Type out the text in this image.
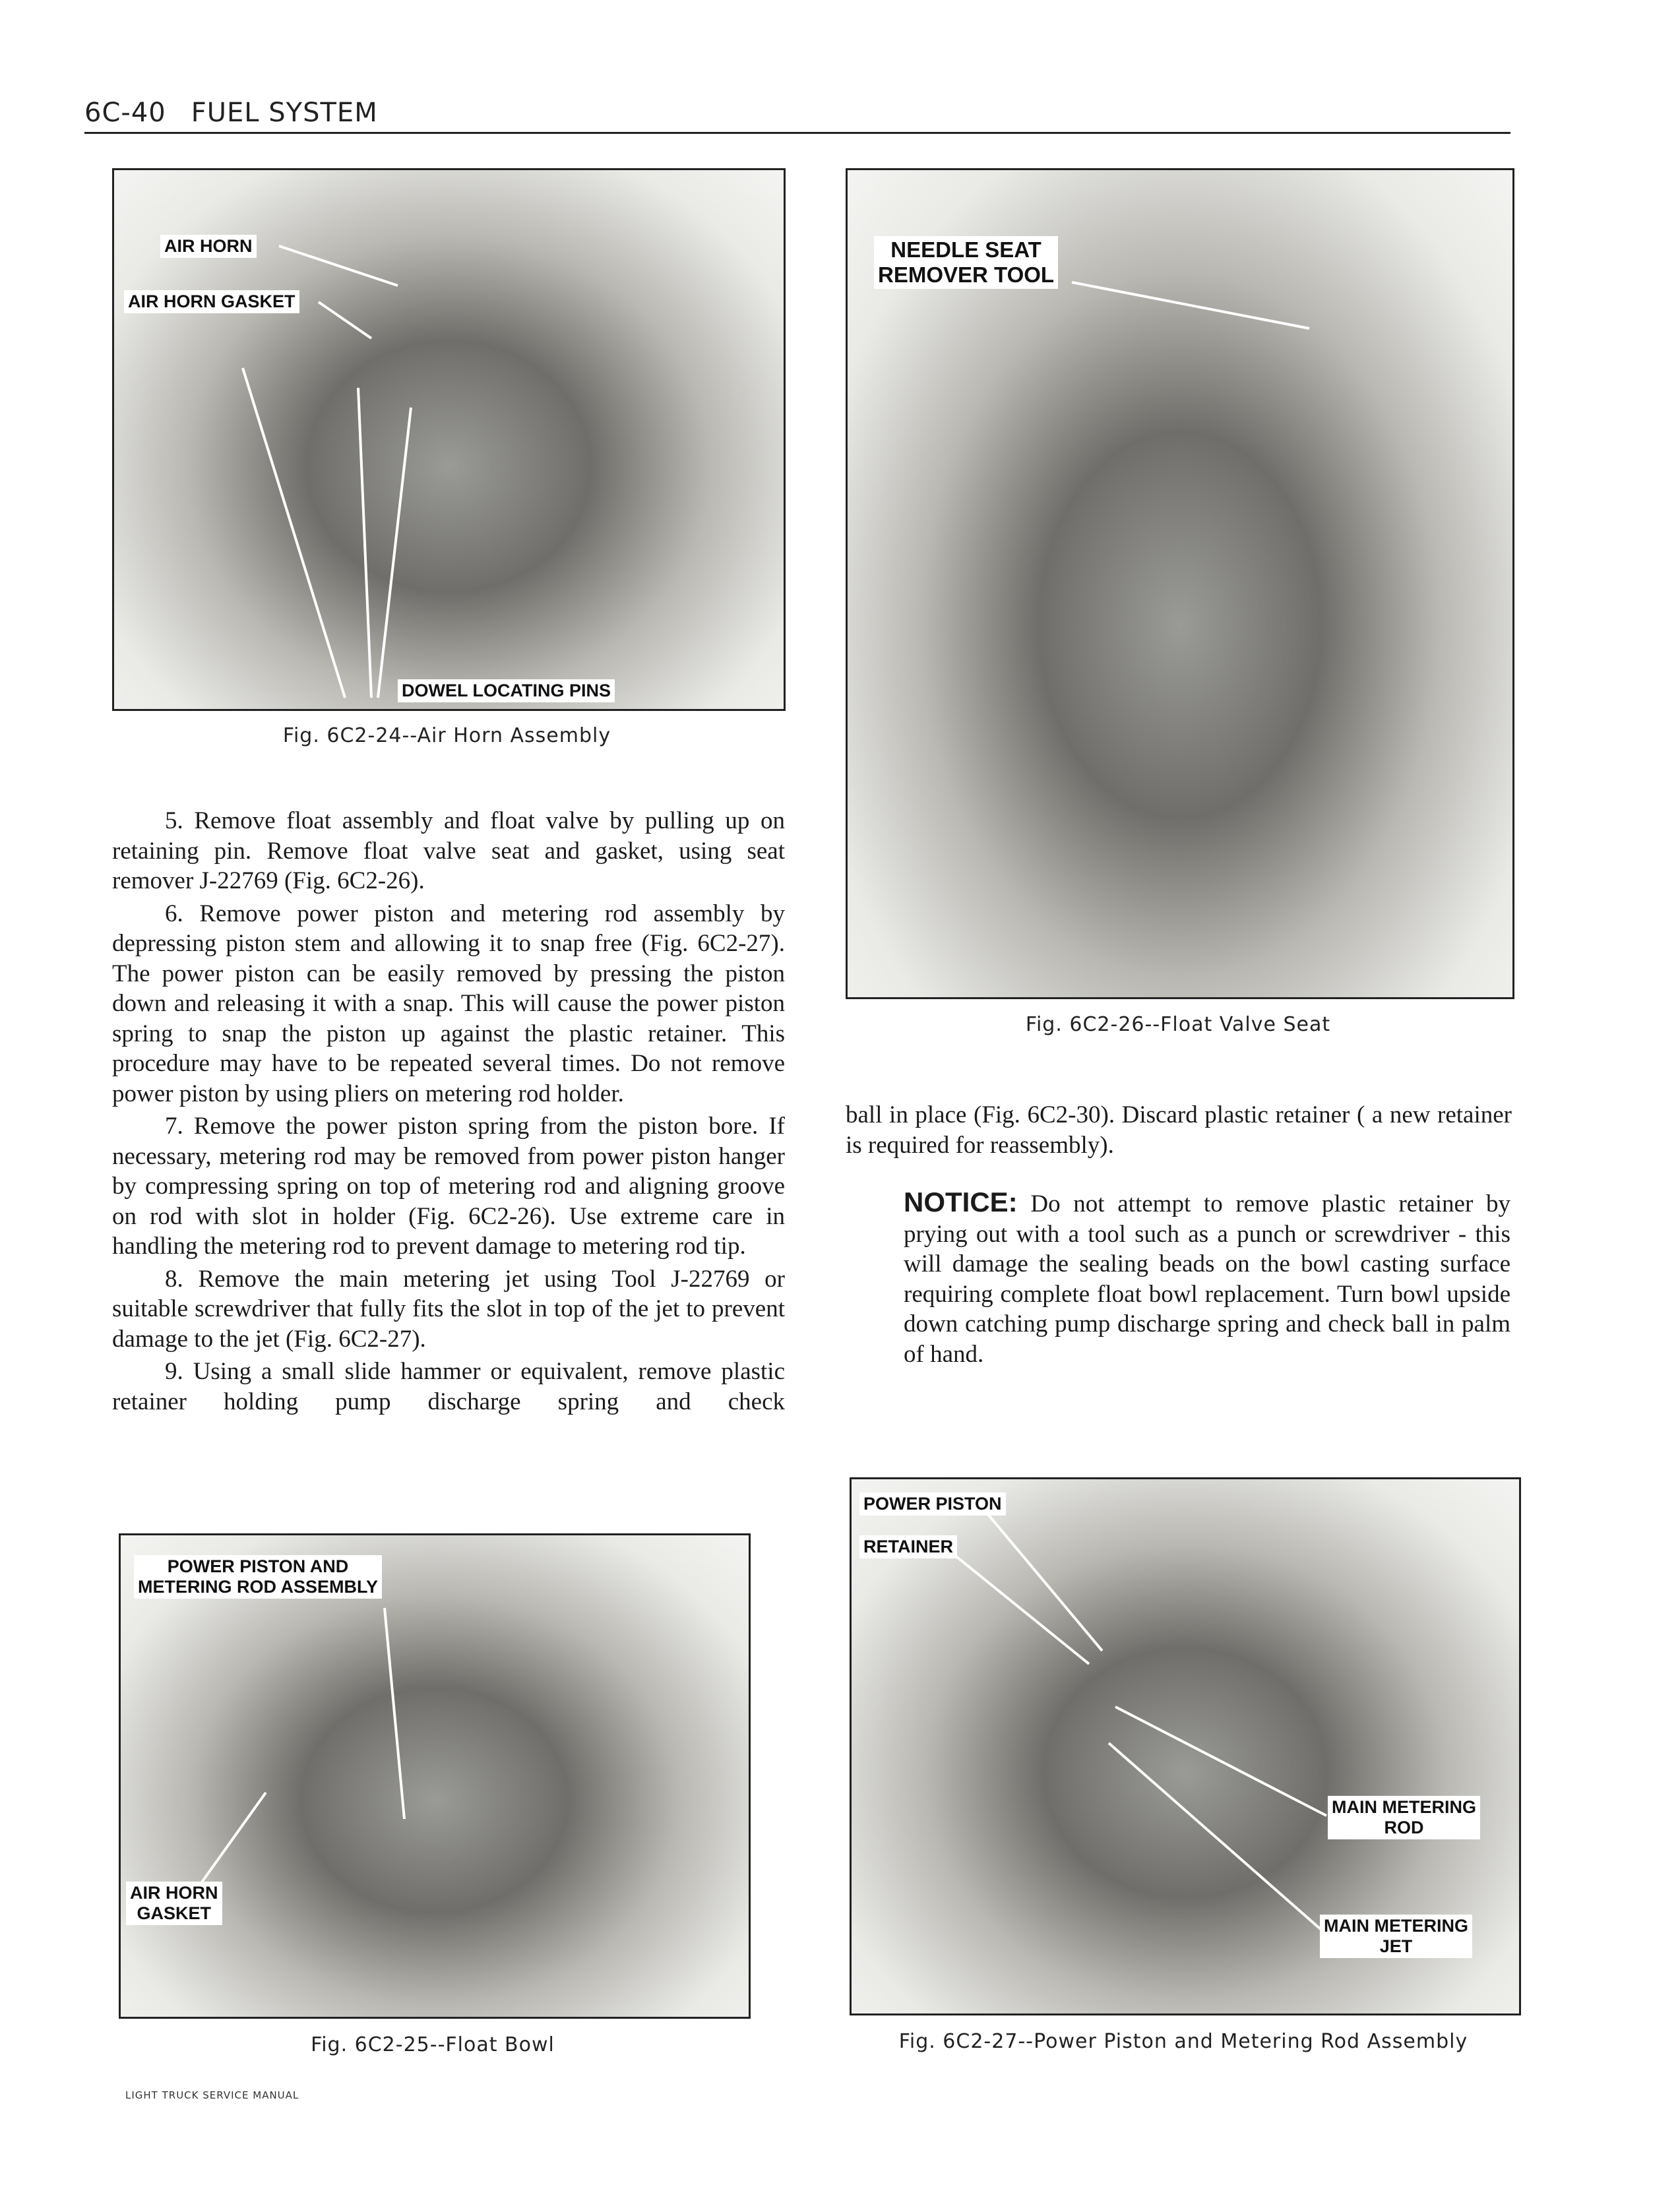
6C-40 FUEL SYSTEM
AIR HORN
AIR HORN GASKET
DOWEL LOCATING PINS
Fig. 6C2-24--Air Horn Assembly
NEEDLE SEAT
REMOVER TOOL
Fig. 6C2-26--Float Valve Seat

5. Remove float assembly and float valve by pulling up on retaining pin. Remove float valve seat and gasket, using seat remover J-22769 (Fig. 6C2-26).

6. Remove power piston and metering rod assembly by depressing piston stem and allowing it to snap free (Fig. 6C2-27). The power piston can be easily removed by pressing the piston down and releasing it with a snap. This will cause the power piston spring to snap the piston up against the plastic retainer. This procedure may have to be repeated several times. Do not remove power piston by using pliers on metering rod holder.

7. Remove the power piston spring from the piston bore. If necessary, metering rod may be removed from power piston hanger by compressing spring on top of metering rod and aligning groove on rod with slot in holder (Fig. 6C2-26). Use extreme care in handling the metering rod to prevent damage to metering rod tip.

8. Remove the main metering jet using Tool J-22769 or suitable screwdriver that fully fits the slot in top of the jet to prevent damage to the jet (Fig. 6C2-27).

9. Using a small slide hammer or equivalent, remove plastic retainer holding pump discharge spring and check

ball in place (Fig. 6C2-30). Discard plastic retainer ( a new retainer is required for reassembly).
NOTICE: Do not attempt to remove plastic retainer by prying out with a tool such as a punch or screwdriver - this will damage the sealing beads on the bowl casting surface requiring complete float bowl replacement. Turn bowl upside down catching pump discharge spring and check ball in palm of hand.
POWER PISTON AND
METERING ROD ASSEMBLY
AIR HORN
GASKET
Fig. 6C2-25--Float Bowl
POWER PISTON
RETAINER
MAIN METERING
ROD
MAIN METERING
JET
Fig. 6C2-27--Power Piston and Metering Rod Assembly
LIGHT TRUCK SERVICE MANUAL
